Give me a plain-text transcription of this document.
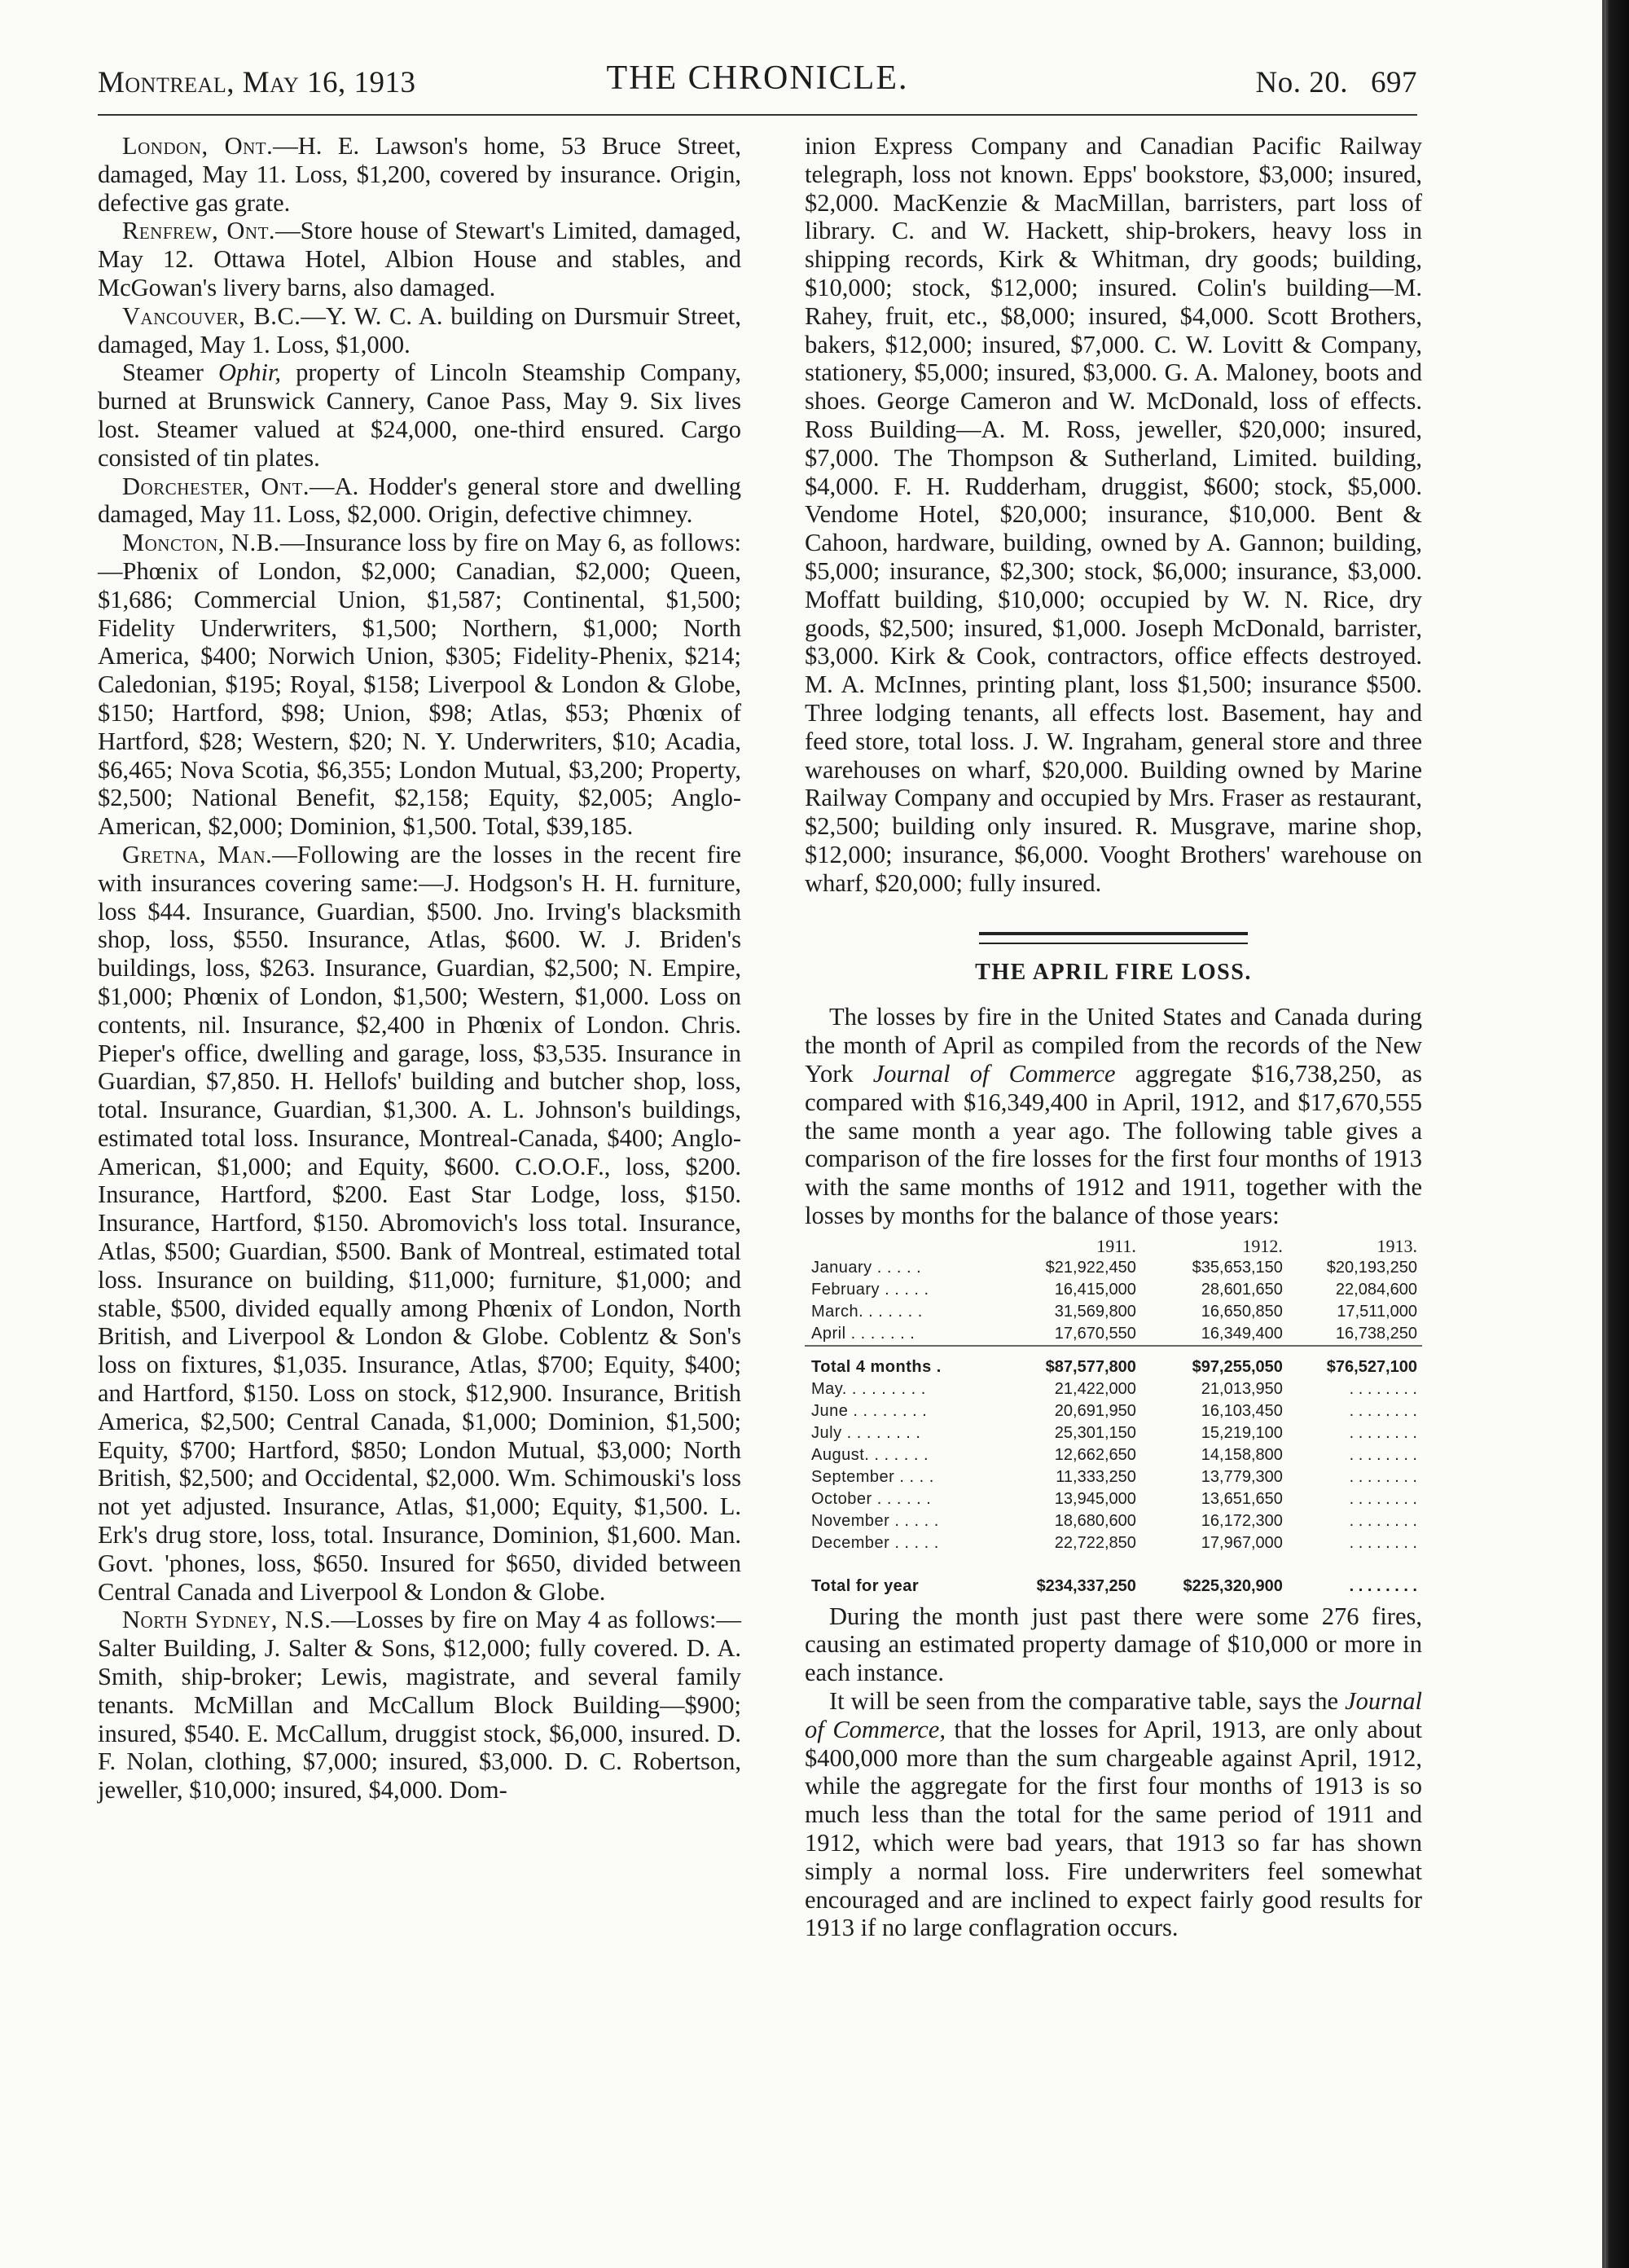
Montreal, May 16, 1913	THE CHRONICLE.	No. 20. 697

London, Ont.—H. E. Lawson's home, 53 Bruce Street, damaged, May 11. Loss, $1,200, covered by insurance. Origin, defective gas grate.

Renfrew, Ont.—Store house of Stewart's Limited, damaged, May 12. Ottawa Hotel, Albion House and stables, and McGowan's livery barns, also damaged.

Vancouver, B.C.—Y. W. C. A. building on Dursmuir Street, damaged, May 1. Loss, $1,000.

Steamer Ophir, property of Lincoln Steamship Company, burned at Brunswick Cannery, Canoe Pass, May 9. Six lives lost. Steamer valued at $24,000, one-third ensured. Cargo consisted of tin plates.

Dorchester, Ont.—A. Hodder's general store and dwelling damaged, May 11. Loss, $2,000. Origin, defective chimney.

Moncton, N.B.—Insurance loss by fire on May 6, as follows:—Phœnix of London, $2,000; Canadian, $2,000; Queen, $1,686; Commercial Union, $1,587; Continental, $1,500; Fidelity Underwriters, $1,500; Northern, $1,000; North America, $400; Norwich Union, $305; Fidelity-Phenix, $214; Caledonian, $195; Royal, $158; Liverpool & London & Globe, $150; Hartford, $98; Union, $98; Atlas, $53; Phœnix of Hartford, $28; Western, $20; N. Y. Underwriters, $10; Acadia, $6,465; Nova Scotia, $6,355; London Mutual, $3,200; Property, $2,500; National Benefit, $2,158; Equity, $2,005; Anglo-American, $2,000; Dominion, $1,500. Total, $39,185.

Gretna, Man.—Following are the losses in the recent fire with insurances covering same:—J. Hodgson's H. H. furniture, loss $44. Insurance, Guardian, $500. Jno. Irving's blacksmith shop, loss, $550. Insurance, Atlas, $600. W. J. Briden's buildings, loss, $263. Insurance, Guardian, $2,500; N. Empire, $1,000; Phœnix of London, $1,500; Western, $1,000. Loss on contents, nil. Insurance, $2,400 in Phœnix of London. Chris. Pieper's office, dwelling and garage, loss, $3,535. Insurance in Guardian, $7,850. H. Hellofs' building and butcher shop, loss, total. Insurance, Guardian, $1,300. A. L. Johnson's buildings, estimated total loss. Insurance, Montreal-Canada, $400; Anglo-American, $1,000; and Equity, $600. C.O.O.F., loss, $200. Insurance, Hartford, $200. East Star Lodge, loss, $150. Insurance, Hartford, $150. Abromovich's loss total. Insurance, Atlas, $500; Guardian, $500. Bank of Montreal, estimated total loss. Insurance on building, $11,000; furniture, $1,000; and stable, $500, divided equally among Phœnix of London, North British, and Liverpool & London & Globe. Coblentz & Son's loss on fixtures, $1,035. Insurance, Atlas, $700; Equity, $400; and Hartford, $150. Loss on stock, $12,900. Insurance, British America, $2,500; Central Canada, $1,000; Dominion, $1,500; Equity, $700; Hartford, $850; London Mutual, $3,000; North British, $2,500; and Occidental, $2,000. Wm. Schimouski's loss not yet adjusted. Insurance, Atlas, $1,000; Equity, $1,500. L. Erk's drug store, loss, total. Insurance, Dominion, $1,600. Man. Govt. 'phones, loss, $650. Insured for $650, divided between Central Canada and Liverpool & London & Globe.

North Sydney, N.S.—Losses by fire on May 4 as follows:—Salter Building, J. Salter & Sons, $12,000; fully covered. D. A. Smith, ship-broker; Lewis, magistrate, and several family tenants. McMillan and McCallum Block Building—$900; insured, $540. E. McCallum, druggist stock, $6,000, insured. D. F. Nolan, clothing, $7,000; insured, $3,000. D. C. Robertson, jeweller, $10,000; insured, $4,000. Dom-

inion Express Company and Canadian Pacific Railway telegraph, loss not known. Epps' bookstore, $3,000; insured, $2,000. MacKenzie & MacMillan, barristers, part loss of library. C. and W. Hackett, ship-brokers, heavy loss in shipping records, Kirk & Whitman, dry goods; building, $10,000; stock, $12,000; insured. Colin's building—M. Rahey, fruit, etc., $8,000; insured, $4,000. Scott Brothers, bakers, $12,000; insured, $7,000. C. W. Lovitt & Company, stationery, $5,000; insured, $3,000. G. A. Maloney, boots and shoes. George Cameron and W. McDonald, loss of effects. Ross Building—A. M. Ross, jeweller, $20,000; insured, $7,000. The Thompson & Sutherland, Limited. building, $4,000. F. H. Rudderham, druggist, $600; stock, $5,000. Vendome Hotel, $20,000; insurance, $10,000. Bent & Cahoon, hardware, building, owned by A. Gannon; building, $5,000; insurance, $2,300; stock, $6,000; insurance, $3,000. Moffatt building, $10,000; occupied by W. N. Rice, dry goods, $2,500; insured, $1,000. Joseph McDonald, barrister, $3,000. Kirk & Cook, contractors, office effects destroyed. M. A. McInnes, printing plant, loss $1,500; insurance $500. Three lodging tenants, all effects lost. Basement, hay and feed store, total loss. J. W. Ingraham, general store and three warehouses on wharf, $20,000. Building owned by Marine Railway Company and occupied by Mrs. Fraser as restaurant, $2,500; building only insured. R. Musgrave, marine shop, $12,000; insurance, $6,000. Vooght Brothers' warehouse on wharf, $20,000; fully insured.

THE APRIL FIRE LOSS.

The losses by fire in the United States and Canada during the month of April as compiled from the records of the New York Journal of Commerce aggregate $16,738,250, as compared with $16,349,400 in April, 1912, and $17,670,555 the same month a year ago. The following table gives a comparison of the fire losses for the first four months of 1913 with the same months of 1912 and 1911, together with the losses by months for the balance of those years:

	1911.	1912.	1913.
January . . . . .	$21,922,450	$35,653,150	$20,193,250
February . . . . .	16,415,000	28,601,650	22,084,600
March. . . . . . .	31,569,800	16,650,850	17,511,000
April . . . . . . .	17,670,550	16,349,400	16,738,250

Total 4 months .	$87,577,800	$97,255,050	$76,527,100
May. . . . . . . . .	21,422,000	21,013,950	. . . . . . . .
June . . . . . . . .	20,691,950	16,103,450	. . . . . . . .
July . . . . . . . .	25,301,150	15,219,100	. . . . . . . .
August. . . . . . .	12,662,650	14,158,800	. . . . . . . .
September . . . .	11,333,250	13,779,300	. . . . . . . .
October . . . . . .	13,945,000	13,651,650	. . . . . . . .
November . . . . .	18,680,600	16,172,300	. . . . . . . .
December . . . . .	22,722,850	17,967,000	. . . . . . . .
Total for year	$234,337,250	$225,320,900	. . . . . . . .

During the month just past there were some 276 fires, causing an estimated property damage of $10,000 or more in each instance.

It will be seen from the comparative table, says the Journal of Commerce, that the losses for April, 1913, are only about $400,000 more than the sum chargeable against April, 1912, while the aggregate for the first four months of 1913 is so much less than the total for the same period of 1911 and 1912, which were bad years, that 1913 so far has shown simply a normal loss. Fire underwriters feel somewhat encouraged and are inclined to expect fairly good results for 1913 if no large conflagration occurs.
